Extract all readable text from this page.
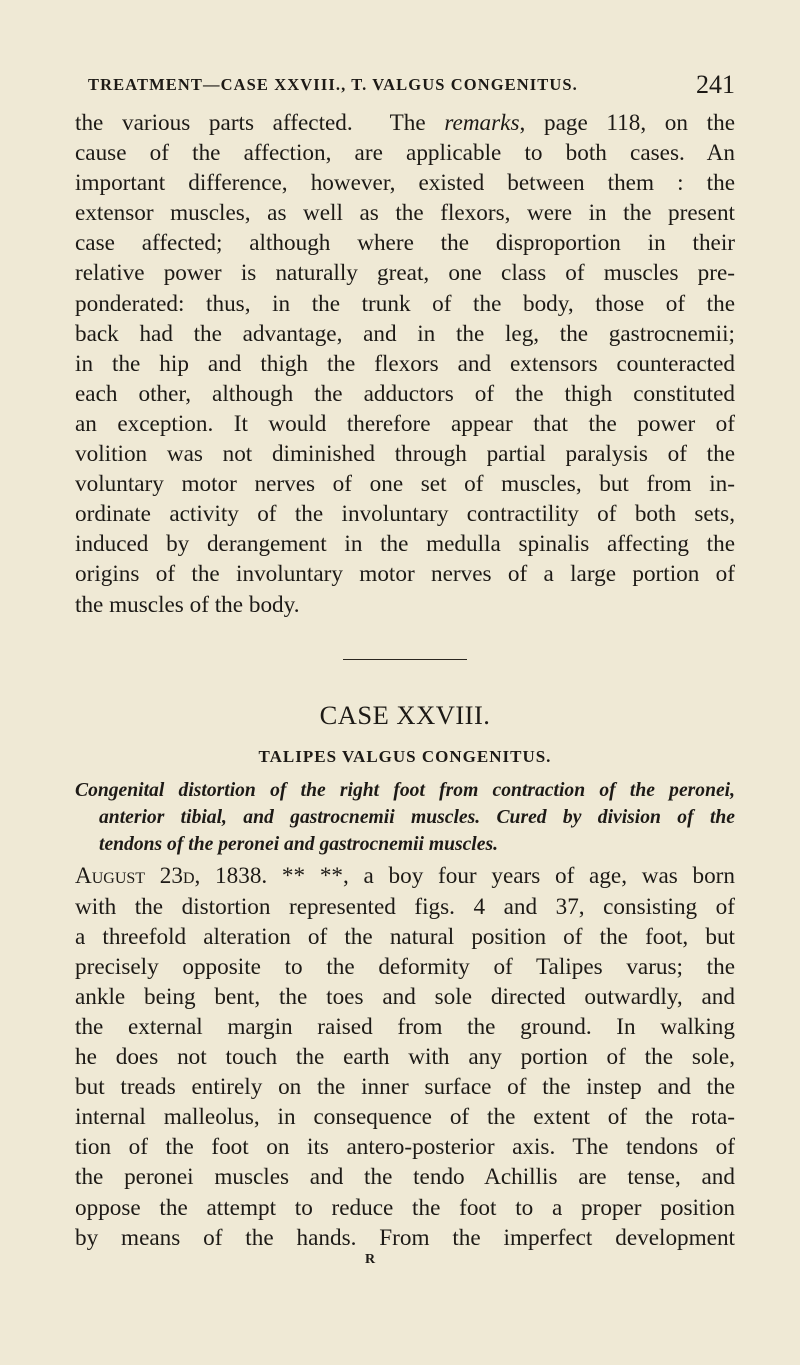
TREATMENT—CASE XXVIII., T. VALGUS CONGENITUS.	241
the various parts affected.  The remarks, page 118, on the
cause of the affection, are applicable to both cases. An
important difference, however, existed between them : the
extensor muscles, as well as the flexors, were in the present
case affected; although where the disproportion in their
relative power is naturally great, one class of muscles pre-
ponderated: thus, in the trunk of the body, those of the
back had the advantage, and in the leg, the gastrocnemii;
in the hip and thigh the flexors and extensors counteracted
each other, although the adductors of the thigh constituted
an exception. It would therefore appear that the power of
volition was not diminished through partial paralysis of the
voluntary motor nerves of one set of muscles, but from in-
ordinate activity of the involuntary contractility of both sets,
induced by derangement in the medulla spinalis affecting the
origins of the involuntary motor nerves of a large portion of
the muscles of the body.
CASE XXVIII.
TALIPES VALGUS CONGENITUS.
Congenital distortion of the right foot from contraction of the peronei,
anterior tibial, and gastrocnemii muscles. Cured by division of the
tendons of the peronei and gastrocnemii muscles.
August 23d, 1838. ** **, a boy four years of age, was born
with the distortion represented figs. 4 and 37, consisting of
a threefold alteration of the natural position of the foot, but
precisely opposite to the deformity of Talipes varus; the
ankle being bent, the toes and sole directed outwardly, and
the external margin raised from the ground. In walking
he does not touch the earth with any portion of the sole,
but treads entirely on the inner surface of the instep and the
internal malleolus, in consequence of the extent of the rota-
tion of the foot on its antero-posterior axis. The tendons of
the peronei muscles and the tendo Achillis are tense, and
oppose the attempt to reduce the foot to a proper position
by means of the hands. From the imperfect development
R
